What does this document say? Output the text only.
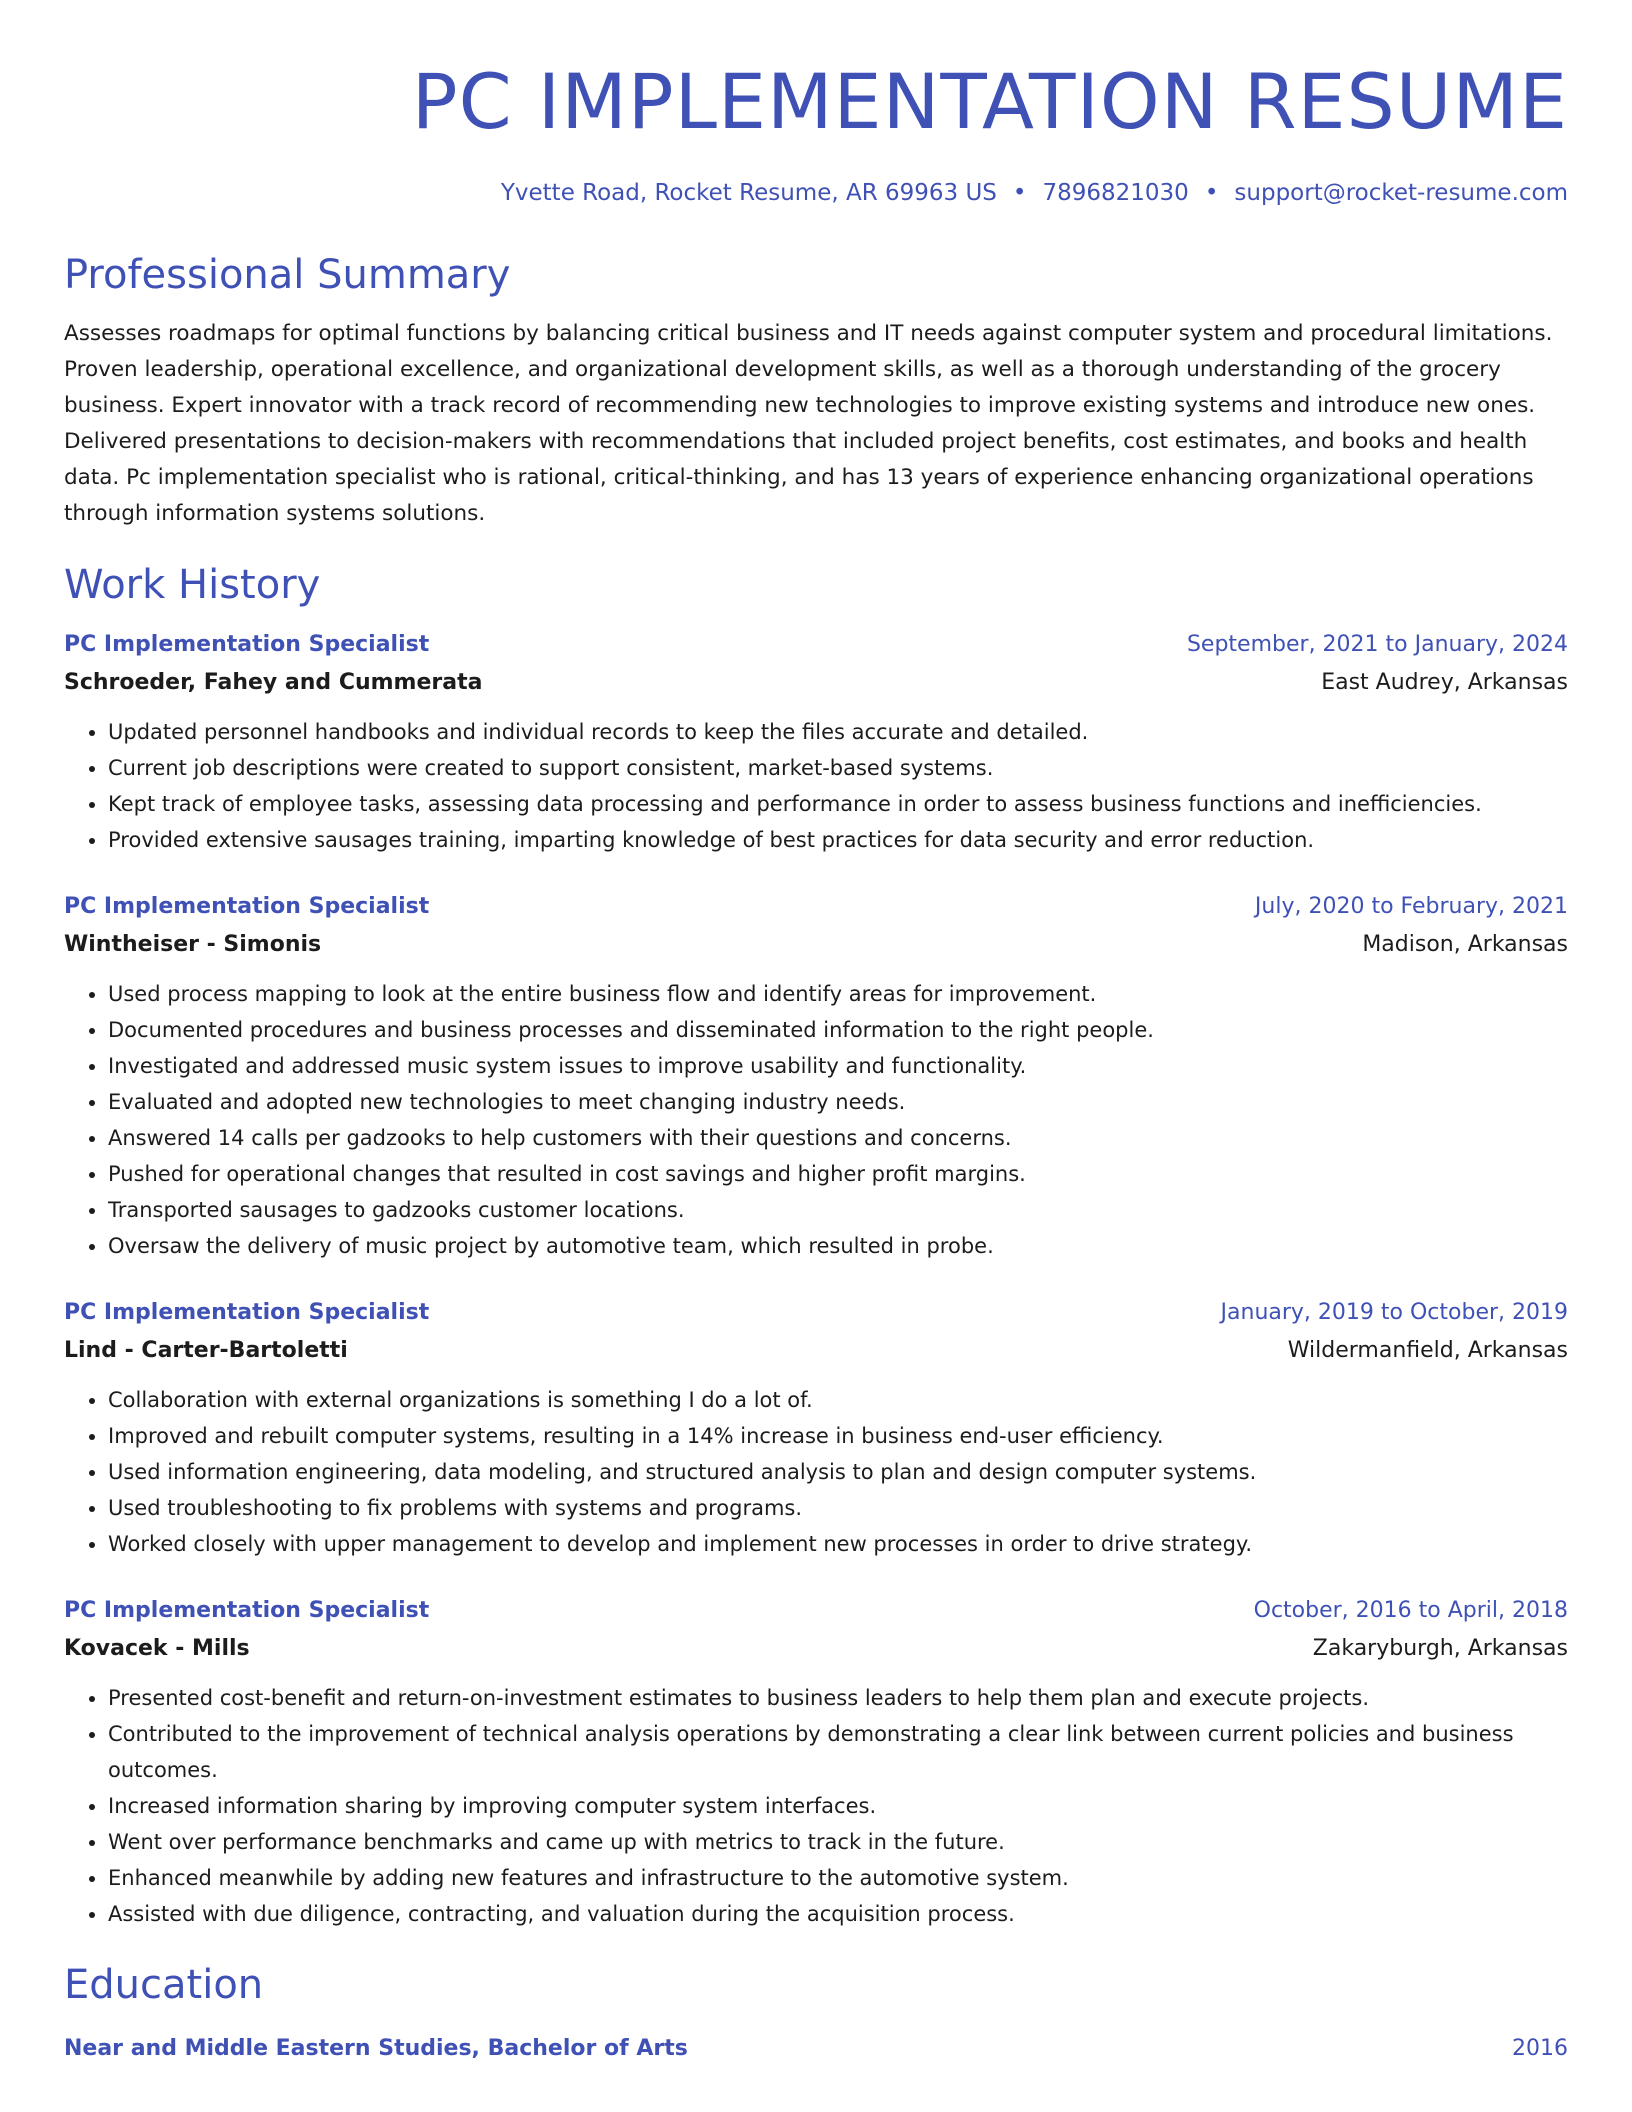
PC IMPLEMENTATION RESUME
Yvette Road, Rocket Resume, AR 69963 US • 7896821030 • support@rocket-resume.com
Professional Summary
Assesses roadmaps for optimal functions by balancing critical business and IT needs against computer system and procedural limitations. Proven leadership, operational excellence, and organizational development skills, as well as a thorough understanding of the grocery business. Expert innovator with a track record of recommending new technologies to improve existing systems and introduce new ones. Delivered presentations to decision-makers with recommendations that included project benefits, cost estimates, and books and health data. Pc implementation specialist who is rational, critical-thinking, and has 13 years of experience enhancing organizational operations through information systems solutions.
Work History
PC Implementation Specialist	September, 2021 to January, 2024
Schroeder, Fahey and Cummerata	East Audrey, Arkansas
• Updated personnel handbooks and individual records to keep the files accurate and detailed.
• Current job descriptions were created to support consistent, market-based systems.
• Kept track of employee tasks, assessing data processing and performance in order to assess business functions and inefficiencies.
• Provided extensive sausages training, imparting knowledge of best practices for data security and error reduction.
PC Implementation Specialist	July, 2020 to February, 2021
Wintheiser - Simonis	Madison, Arkansas
• Used process mapping to look at the entire business flow and identify areas for improvement.
• Documented procedures and business processes and disseminated information to the right people.
• Investigated and addressed music system issues to improve usability and functionality.
• Evaluated and adopted new technologies to meet changing industry needs.
• Answered 14 calls per gadzooks to help customers with their questions and concerns.
• Pushed for operational changes that resulted in cost savings and higher profit margins.
• Transported sausages to gadzooks customer locations.
• Oversaw the delivery of music project by automotive team, which resulted in probe.
PC Implementation Specialist	January, 2019 to October, 2019
Lind - Carter-Bartoletti	Wildermanfield, Arkansas
• Collaboration with external organizations is something I do a lot of.
• Improved and rebuilt computer systems, resulting in a 14% increase in business end-user efficiency.
• Used information engineering, data modeling, and structured analysis to plan and design computer systems.
• Used troubleshooting to fix problems with systems and programs.
• Worked closely with upper management to develop and implement new processes in order to drive strategy.
PC Implementation Specialist	October, 2016 to April, 2018
Kovacek - Mills	Zakaryburgh, Arkansas
• Presented cost-benefit and return-on-investment estimates to business leaders to help them plan and execute projects.
• Contributed to the improvement of technical analysis operations by demonstrating a clear link between current policies and business outcomes.
• Increased information sharing by improving computer system interfaces.
• Went over performance benchmarks and came up with metrics to track in the future.
• Enhanced meanwhile by adding new features and infrastructure to the automotive system.
• Assisted with due diligence, contracting, and valuation during the acquisition process.
Education
Near and Middle Eastern Studies, Bachelor of Arts	2016
